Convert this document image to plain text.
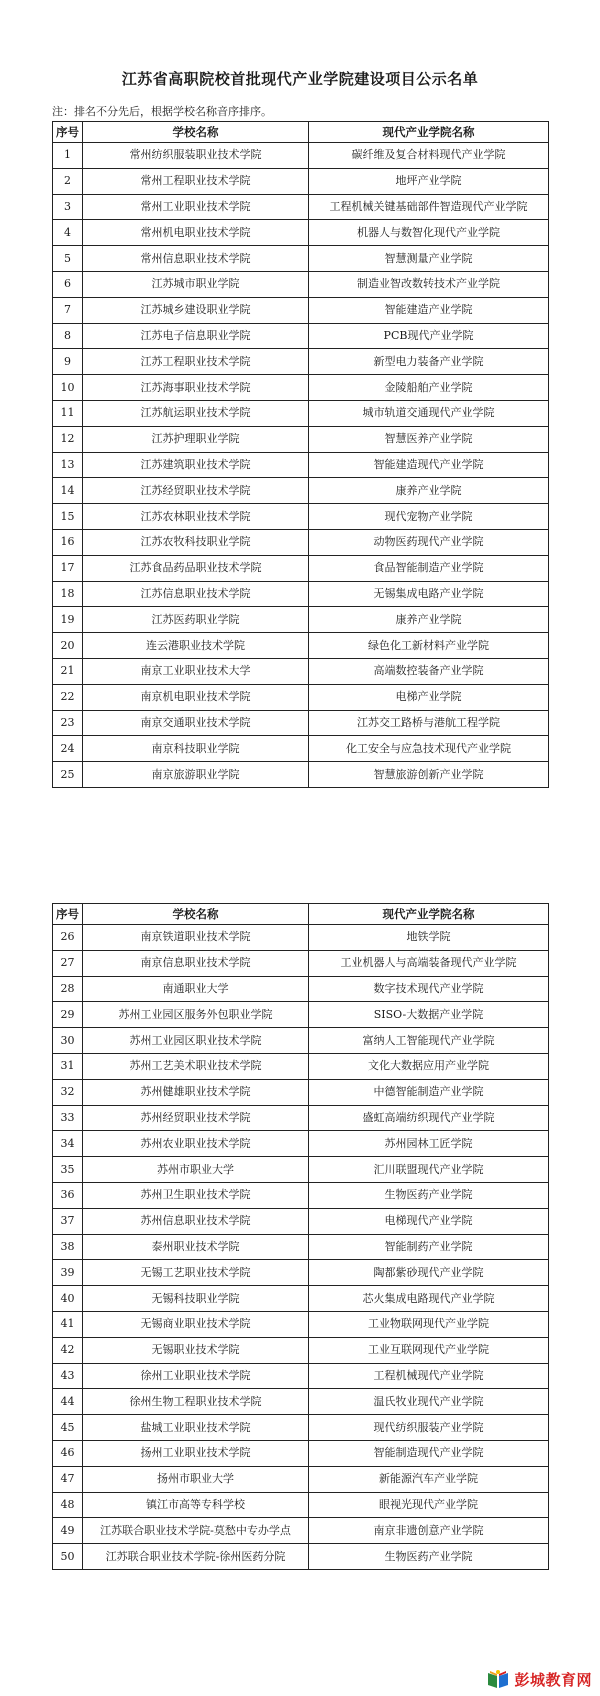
江苏省高职院校首批现代产业学院建设项目公示名单
注：排名不分先后，根据学校名称音序排序。
序号	学校名称	现代产业学院名称
1	常州纺织服装职业技术学院	碳纤维及复合材料现代产业学院
2	常州工程职业技术学院	地坪产业学院
3	常州工业职业技术学院	工程机械关键基础部件智造现代产业学院
4	常州机电职业技术学院	机器人与数智化现代产业学院
5	常州信息职业技术学院	智慧测量产业学院
6	江苏城市职业学院	制造业智改数转技术产业学院
7	江苏城乡建设职业学院	智能建造产业学院
8	江苏电子信息职业学院	PCB现代产业学院
9	江苏工程职业技术学院	新型电力装备产业学院
10	江苏海事职业技术学院	金陵船舶产业学院
11	江苏航运职业技术学院	城市轨道交通现代产业学院
12	江苏护理职业学院	智慧医养产业学院
13	江苏建筑职业技术学院	智能建造现代产业学院
14	江苏经贸职业技术学院	康养产业学院
15	江苏农林职业技术学院	现代宠物产业学院
16	江苏农牧科技职业学院	动物医药现代产业学院
17	江苏食品药品职业技术学院	食品智能制造产业学院
18	江苏信息职业技术学院	无锡集成电路产业学院
19	江苏医药职业学院	康养产业学院
20	连云港职业技术学院	绿色化工新材料产业学院
21	南京工业职业技术大学	高端数控装备产业学院
22	南京机电职业技术学院	电梯产业学院
23	南京交通职业技术学院	江苏交工路桥与港航工程学院
24	南京科技职业学院	化工安全与应急技术现代产业学院
25	南京旅游职业学院	智慧旅游创新产业学院
序号	学校名称	现代产业学院名称
26	南京铁道职业技术学院	地铁学院
27	南京信息职业技术学院	工业机器人与高端装备现代产业学院
28	南通职业大学	数字技术现代产业学院
29	苏州工业园区服务外包职业学院	SISO-大数据产业学院
30	苏州工业园区职业技术学院	富纳人工智能现代产业学院
31	苏州工艺美术职业技术学院	文化大数据应用产业学院
32	苏州健雄职业技术学院	中德智能制造产业学院
33	苏州经贸职业技术学院	盛虹高端纺织现代产业学院
34	苏州农业职业技术学院	苏州园林工匠学院
35	苏州市职业大学	汇川联盟现代产业学院
36	苏州卫生职业技术学院	生物医药产业学院
37	苏州信息职业技术学院	电梯现代产业学院
38	泰州职业技术学院	智能制药产业学院
39	无锡工艺职业技术学院	陶都紫砂现代产业学院
40	无锡科技职业学院	芯火集成电路现代产业学院
41	无锡商业职业技术学院	工业物联网现代产业学院
42	无锡职业技术学院	工业互联网现代产业学院
43	徐州工业职业技术学院	工程机械现代产业学院
44	徐州生物工程职业技术学院	温氏牧业现代产业学院
45	盐城工业职业技术学院	现代纺织服装产业学院
46	扬州工业职业技术学院	智能制造现代产业学院
47	扬州市职业大学	新能源汽车产业学院
48	镇江市高等专科学校	眼视光现代产业学院
49	江苏联合职业技术学院-莫愁中专办学点	南京非遗创意产业学院
50	江苏联合职业技术学院-徐州医药分院	生物医药产业学院
彭城教育网
